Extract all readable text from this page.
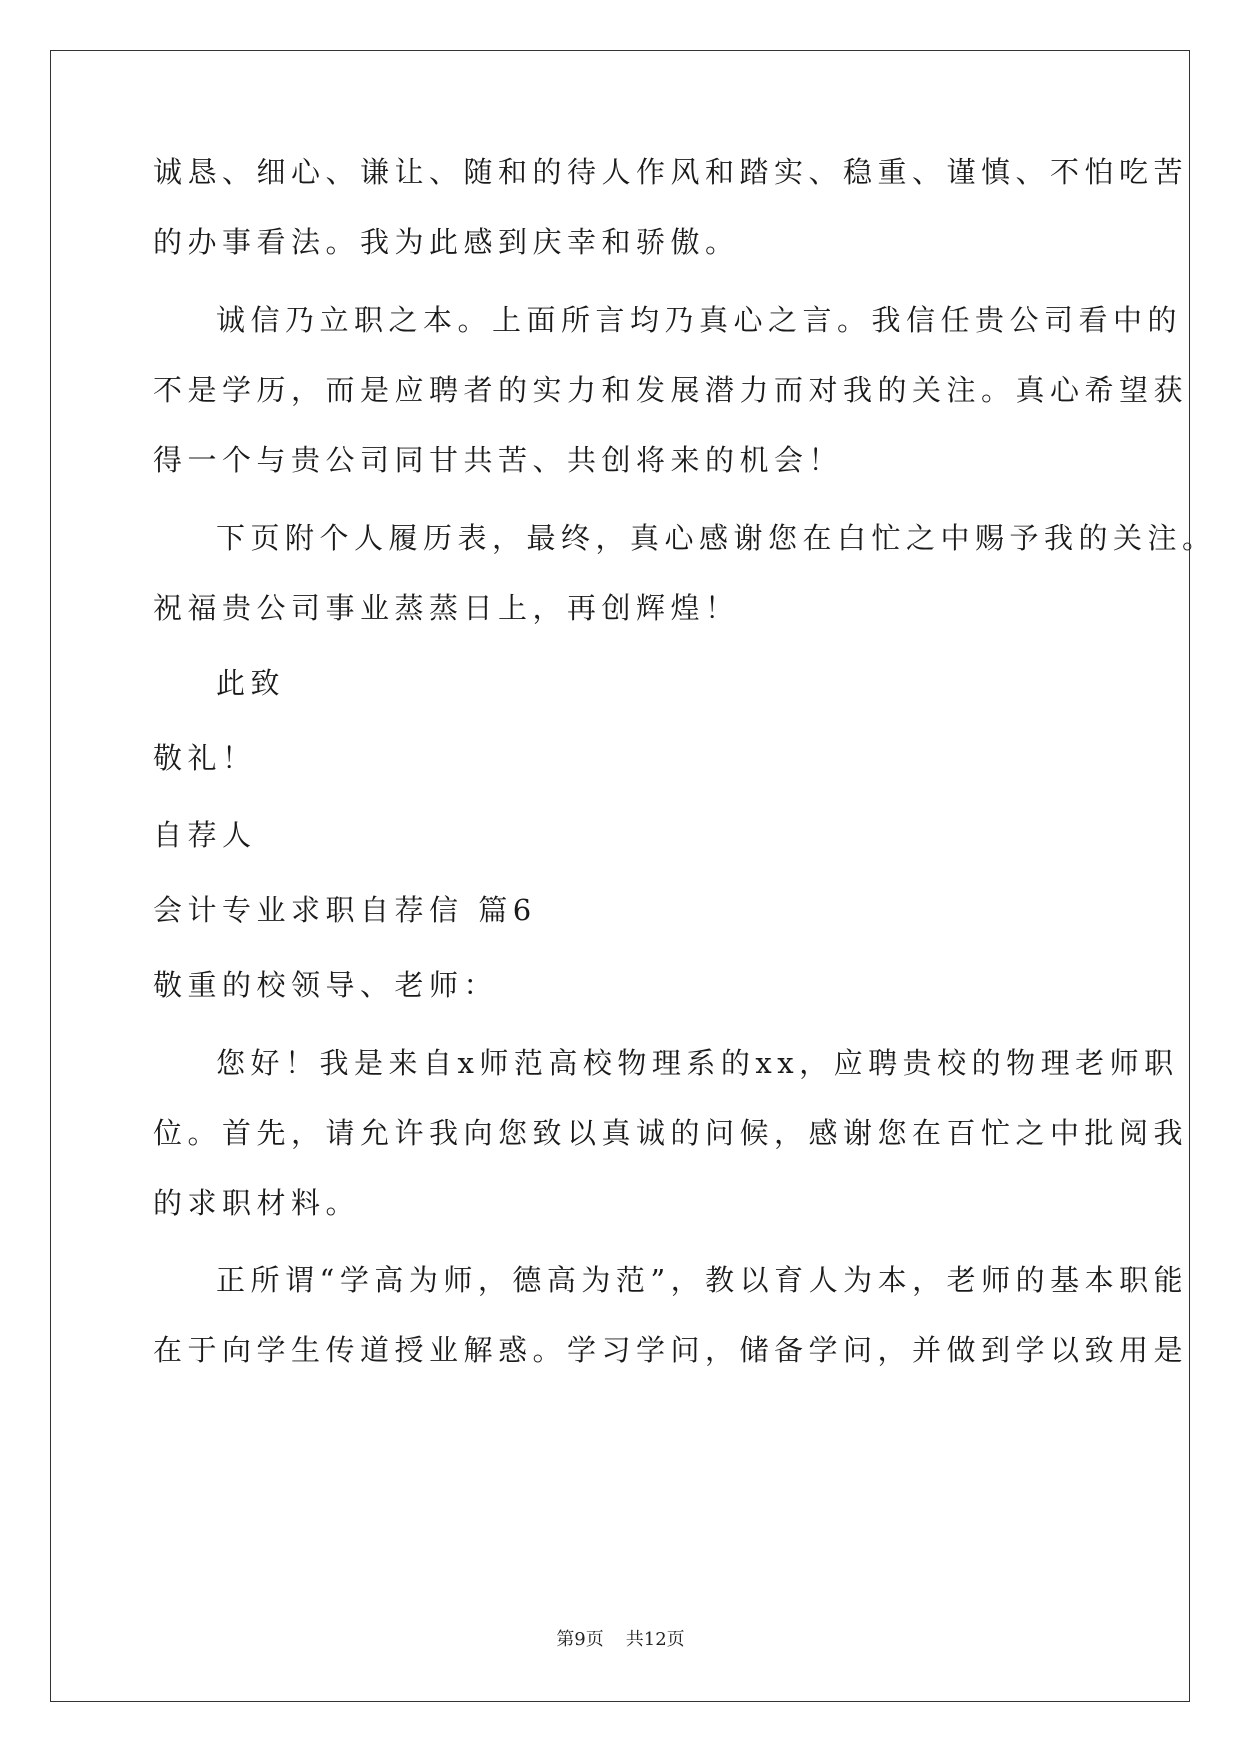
诚恳、细心、谦让、随和的待人作风和踏实、稳重、谨慎、不怕吃苦
的办事看法。我为此感到庆幸和骄傲。
诚信乃立职之本。上面所言均乃真心之言。我信任贵公司看中的
不是学历，而是应聘者的实力和发展潜力而对我的关注。真心希望获
得一个与贵公司同甘共苦、共创将来的机会！
下页附个人履历表，最终，真心感谢您在白忙之中赐予我的关注。
祝福贵公司事业蒸蒸日上，再创辉煌！
此致
敬礼！
自荐人
会计专业求职自荐信 篇6
敬重的校领导、老师：
您好！我是来自x师范高校物理系的xx，应聘贵校的物理老师职
位。首先，请允许我向您致以真诚的问候，感谢您在百忙之中批阅我
的求职材料。
正所谓“学高为师，德高为范”，教以育人为本，老师的基本职能
在于向学生传道授业解惑。学习学问，储备学问，并做到学以致用是
第9页 共12页
